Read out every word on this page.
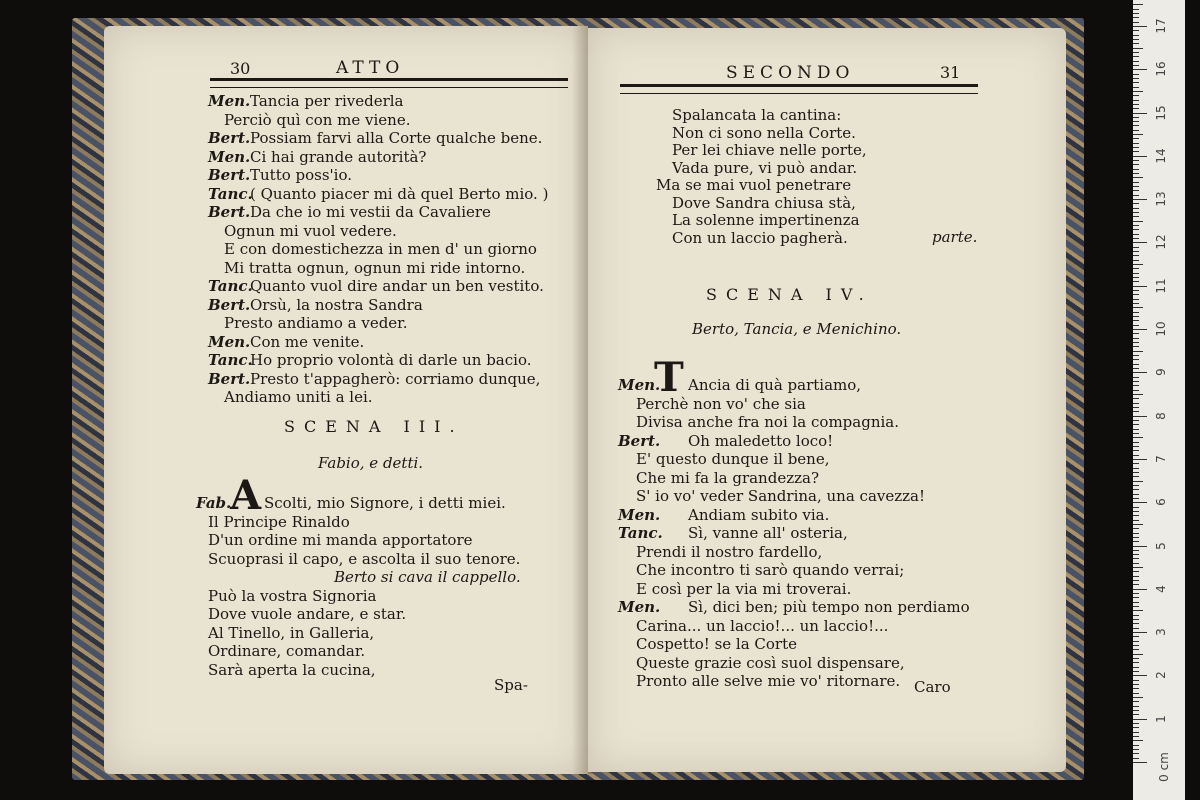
30	ATTO
Men. Tancia per rivederla
Perciò quì con me viene.
Bert. Possiam farvi alla Corte qualche bene.
Men. Ci hai grande autorità?
Bert. Tutto poss'io.
Tanc.
( Quanto piacer mi dà quel Berto mio. )
Bert. Da che io mi vestii da Cavaliere
Ognun mi vuol vedere.
E con domestichezza in men d' un giorno
Mi tratta ognun, ognun mi ride intorno.
Tanc.
Quanto vuol dire andar un ben vestito.
Bert. Orsù, la nostra Sandra
Presto andiamo a veder.
Men. Con me venite.
Tanc.
Ho proprio volontà di darle un bacio.
Bert. Presto t'appagherò: corriamo dunque,
Andiamo uniti a lei.
SCENA III.
Fabio, e detti.
Fab.
A Scolti, mio Signore, i detti miei.
Il Principe Rinaldo
D'un ordine mi manda apportatore
Scuoprasi il capo, e ascolta il suo tenore.
Berto si cava il cappello.
Può la vostra Signoria
Dove vuole andare, e star.
Al Tinello, in Galleria,
Ordinare, comandar.
Sarà aperta la cucina,
Spa-
SECONDO	31
Spalancata la cantina:
Non ci sono nella Corte.
Per lei chiave nelle porte,
Vada pure, vi può andar.
Ma se mai vuol penetrare
Dove Sandra chiusa stà,
La solenne impertinenza
Con un laccio pagherà.	parte.
SCENA IV.
Berto, Tancia, e Menichino.
Men.
T Ancia di quà partiamo,
Perchè non vo' che sia
Divisa anche fra noi la compagnia.
Bert. Oh maledetto loco!
E' questo dunque il bene,
Che mi fa la grandezza?
S' io vo' veder Sandrina, una cavezza!
Men. Andiam subito via.
Tanc. Sì, vanne all' osteria,
Prendi il nostro fardello,
Che incontro ti sarò quando verrai;
E così per la via mi troverai.
Men. Sì, dici ben; più tempo non perdiamo
Carina... un laccio!... un laccio!...
Cospetto! se la Corte
Queste grazie così suol dispensare,
Pronto alle selve mie vo' ritornare. Caro
0 cm
1
2
3
4
5
6
7
8
9
10
11
12
13
14
15
16
17
